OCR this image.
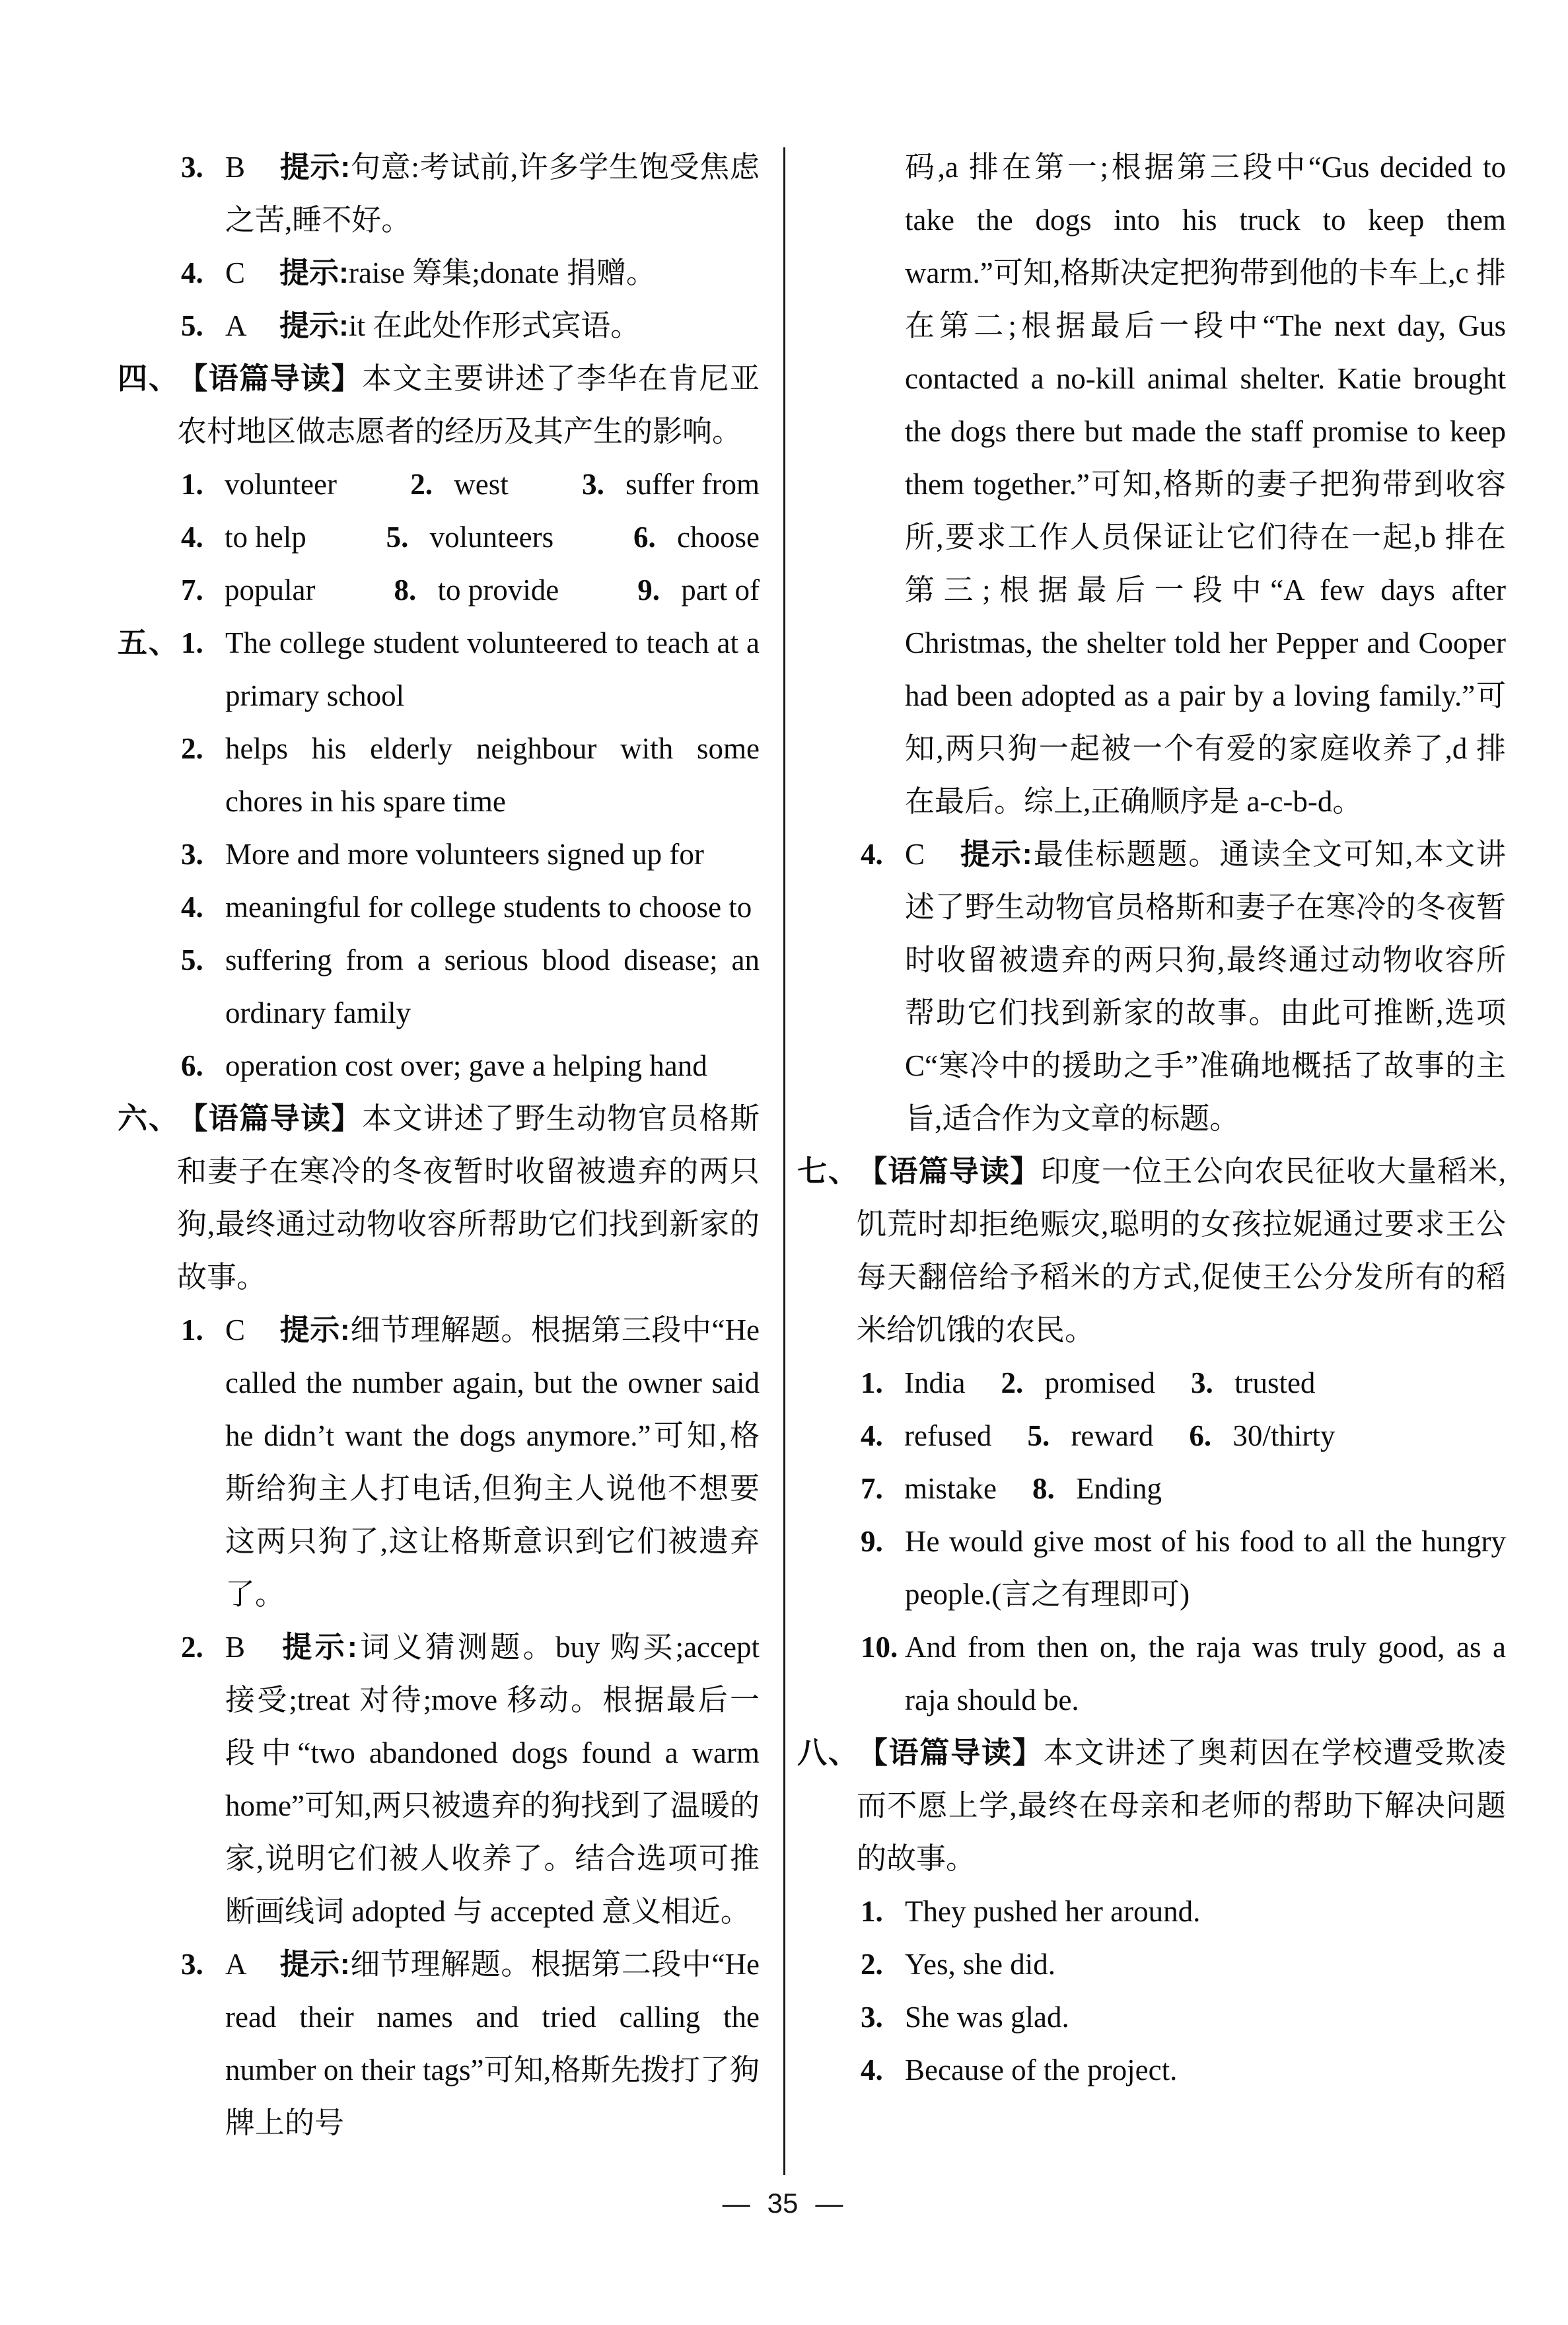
3. B 提示:句意:考试前,许多学生饱受焦虑之苦,睡不好。
4. C 提示:raise 筹集;donate 捐赠。
5. A 提示:it 在此处作形式宾语。
四、【语篇导读】本文主要讲述了李华在肯尼亚农村地区做志愿者的经历及其产生的影响。
1. volunteer 2. west 3. suffer from
4. to help	5. volunteers	6. choose
7. popular	8. to provide	9. part of
五、1. The college student volunteered to teach at a primary school
2. helps his elderly neighbour with some chores in his spare time
3. More and more volunteers signed up for
4. meaningful for college students to choose to
5. suffering from a serious blood disease; an ordinary family
6. operation cost over; gave a helping hand
六、【语篇导读】本文讲述了野生动物官员格斯和妻子在寒冷的冬夜暂时收留被遗弃的两只狗,最终通过动物收容所帮助它们找到新家的故事。
1. C 提示:细节理解题。根据第三段中“He called the number again, but the owner said he didn’t want the dogs anymore.”可知,格斯给狗主人打电话,但狗主人说他不想要这两只狗了,这让格斯意识到它们被遗弃了。
2. B 提示:词义猜测题。buy 购买;accept 接受;treat 对待;move 移动。根据最后一段中“two abandoned dogs found a warm home”可知,两只被遗弃的狗找到了温暖的家,说明它们被人收养了。结合选项可推断画线词 adopted 与 accepted 意义相近。
3. A 提示:细节理解题。根据第二段中“He read their names and tried calling the number on their tags”可知,格斯先拨打了狗牌上的号
码,a 排在第一;根据第三段中“Gus decided to take the dogs into his truck to keep them warm.”可知,格斯决定把狗带到他的卡车上,c 排在第二;根据最后一段中“The next day, Gus contacted a no-kill animal shelter. Katie brought the dogs there but made the staff promise to keep them together.”可知,格斯的妻子把狗带到收容所,要求工作人员保证让它们待在一起,b 排在第三;根据最后一段中“A few days after Christmas, the shelter told her Pepper and Cooper had been adopted as a pair by a loving family.”可知,两只狗一起被一个有爱的家庭收养了,d 排在最后。综上,正确顺序是 a-c-b-d。
4. C 提示:最佳标题题。通读全文可知,本文讲述了野生动物官员格斯和妻子在寒冷的冬夜暂时收留被遗弃的两只狗,最终通过动物收容所帮助它们找到新家的故事。由此可推断,选项 C“寒冷中的援助之手”准确地概括了故事的主旨,适合作为文章的标题。
七、【语篇导读】印度一位王公向农民征收大量稻米,饥荒时却拒绝赈灾,聪明的女孩拉妮通过要求王公每天翻倍给予稻米的方式,促使王公分发所有的稻米给饥饿的农民。
1. India 2. promised 3. trusted
4. refused 5. reward 6. 30/thirty
7. mistake 8. Ending
9. He would give most of his food to all the hungry people.(言之有理即可)
10. And from then on, the raja was truly good, as a raja should be.
八、【语篇导读】本文讲述了奥莉因在学校遭受欺凌而不愿上学,最终在母亲和老师的帮助下解决问题的故事。
1. They pushed her around.
2. Yes, she did.
3. She was glad.
4. Because of the project.
— 35 —
